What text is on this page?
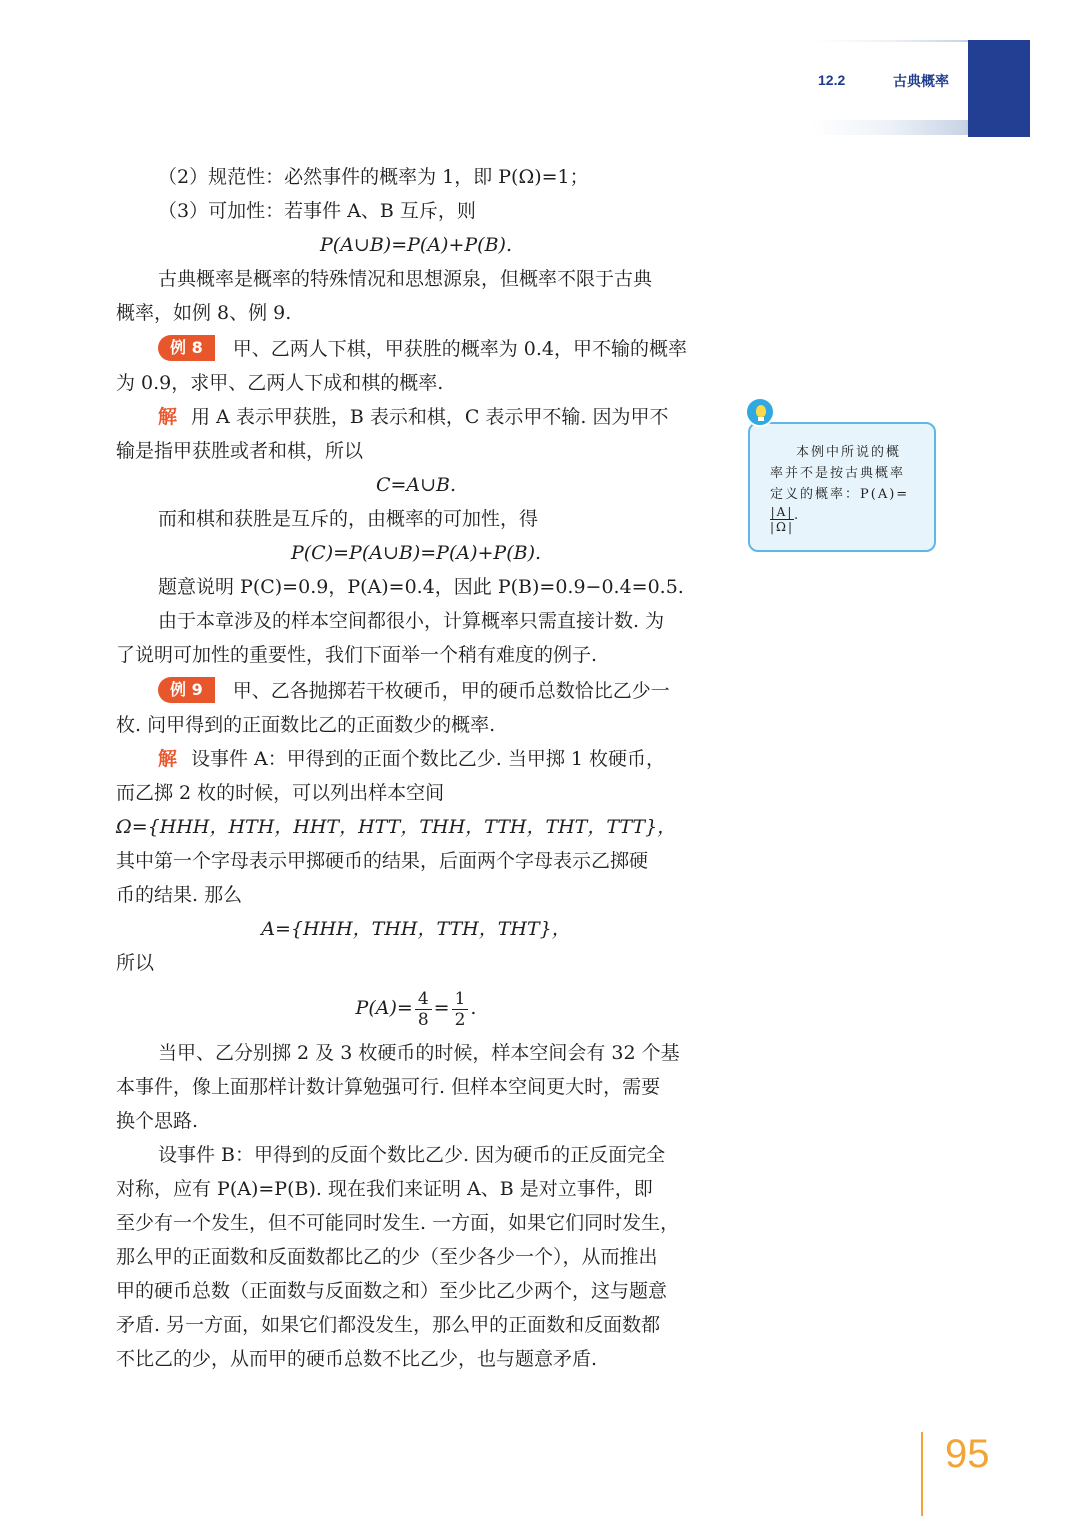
12.2	古典概率

（2）规范性：必然事件的概率为 1，即 P(Ω)=1；

（3）可加性：若事件 A、B 互斥，则

P(A∪B)=P(A)+P(B).

古典概率是概率的特殊情况和思想源泉，但概率不限于古典

概率，如例 8、例 9.

例 8 甲、乙两人下棋，甲获胜的概率为 0.4，甲不输的概率

为 0.9，求甲、乙两人下成和棋的概率.

解 用 A 表示甲获胜，B 表示和棋，C 表示甲不输. 因为甲不

输是指甲获胜或者和棋，所以

C=A∪B.

而和棋和获胜是互斥的，由概率的可加性，得

P(C)=P(A∪B)=P(A)+P(B).

题意说明 P(C)=0.9，P(A)=0.4，因此 P(B)=0.9−0.4=0.5.

由于本章涉及的样本空间都很小，计算概率只需直接计数. 为

了说明可加性的重要性，我们下面举一个稍有难度的例子.

例 9 甲、乙各抛掷若干枚硬币，甲的硬币总数恰比乙少一

枚. 问甲得到的正面数比乙的正面数少的概率.

解 设事件 A：甲得到的正面个数比乙少. 当甲掷 1 枚硬币，

而乙掷 2 枚的时候，可以列出样本空间

Ω={HHH，HTH，HHT，HTT，THH，TTH，THT，TTT}，

其中第一个字母表示甲掷硬币的结果，后面两个字母表示乙掷硬

币的结果. 那么

A={HHH，THH，TTH，THT}，

所以

$P(A)= \frac{4}{8} = \frac{1}{2}$ .

当甲、乙分别掷 2 及 3 枚硬币的时候，样本空间会有 32 个基

本事件，像上面那样计数计算勉强可行. 但样本空间更大时，需要

换个思路.

设事件 B：甲得到的反面个数比乙少. 因为硬币的正反面完全

对称，应有 P(A)=P(B). 现在我们来证明 A、B 是对立事件，即

至少有一个发生，但不可能同时发生. 一方面，如果它们同时发生，

那么甲的正面数和反面数都比乙的少（至少各少一个），从而推出

甲的硬币总数（正面数与反面数之和）至少比乙少两个，这与题意

矛盾. 另一方面，如果它们都没发生，那么甲的正面数和反面数都

不比乙的少，从而甲的硬币总数不比乙少，也与题意矛盾.

本例中所说的概
率并不是按古典概率
定义的概率：P(A)=
$\frac{|A|}{|\Omega|}$ .
95
